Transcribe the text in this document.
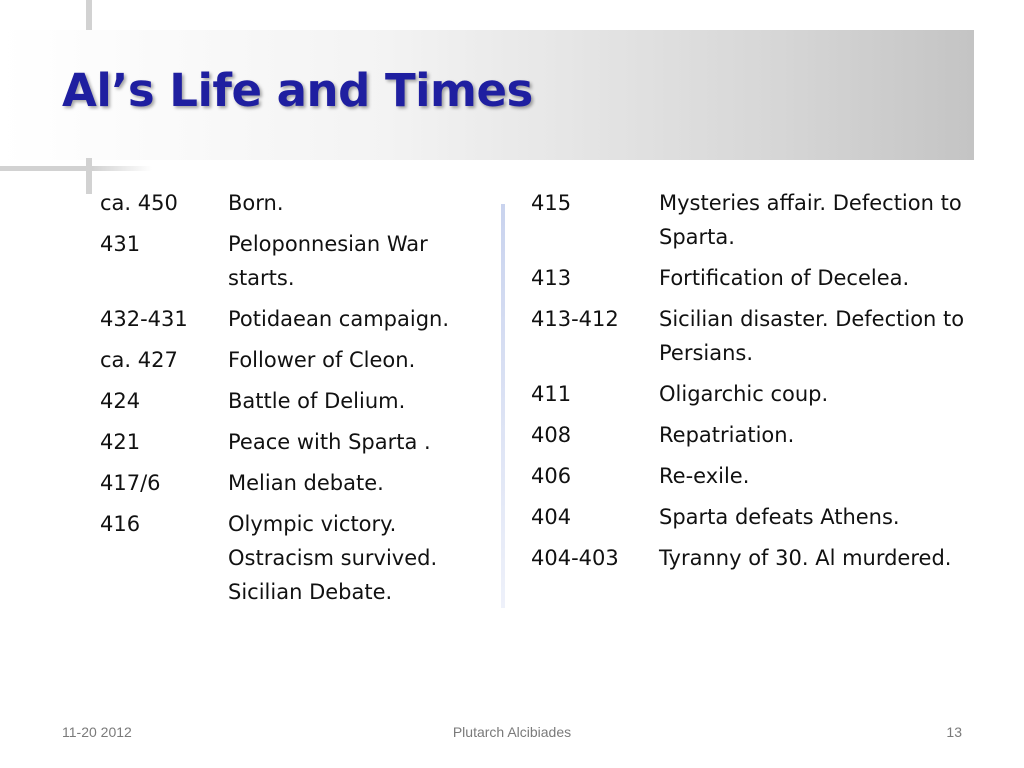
Al’s Life and Times
ca. 450	Born.
431	Peloponnesian War starts.
432-431	Potidaean campaign.
ca. 427	Follower of Cleon.
424	Battle of Delium.
421	Peace with Sparta .
417/6	Melian debate.
416	Olympic victory. Ostracism survived. Sicilian Debate.
415	Mysteries affair. Defection to Sparta.
413	Fortification of Decelea.
413-412	Sicilian disaster. Defection to Persians.
411	Oligarchic coup.
408	Repatriation.
406	Re-exile.
404	Sparta defeats Athens.
404-403	Tyranny of 30. Al murdered.
11-20 2012	Plutarch Alcibiades	13
